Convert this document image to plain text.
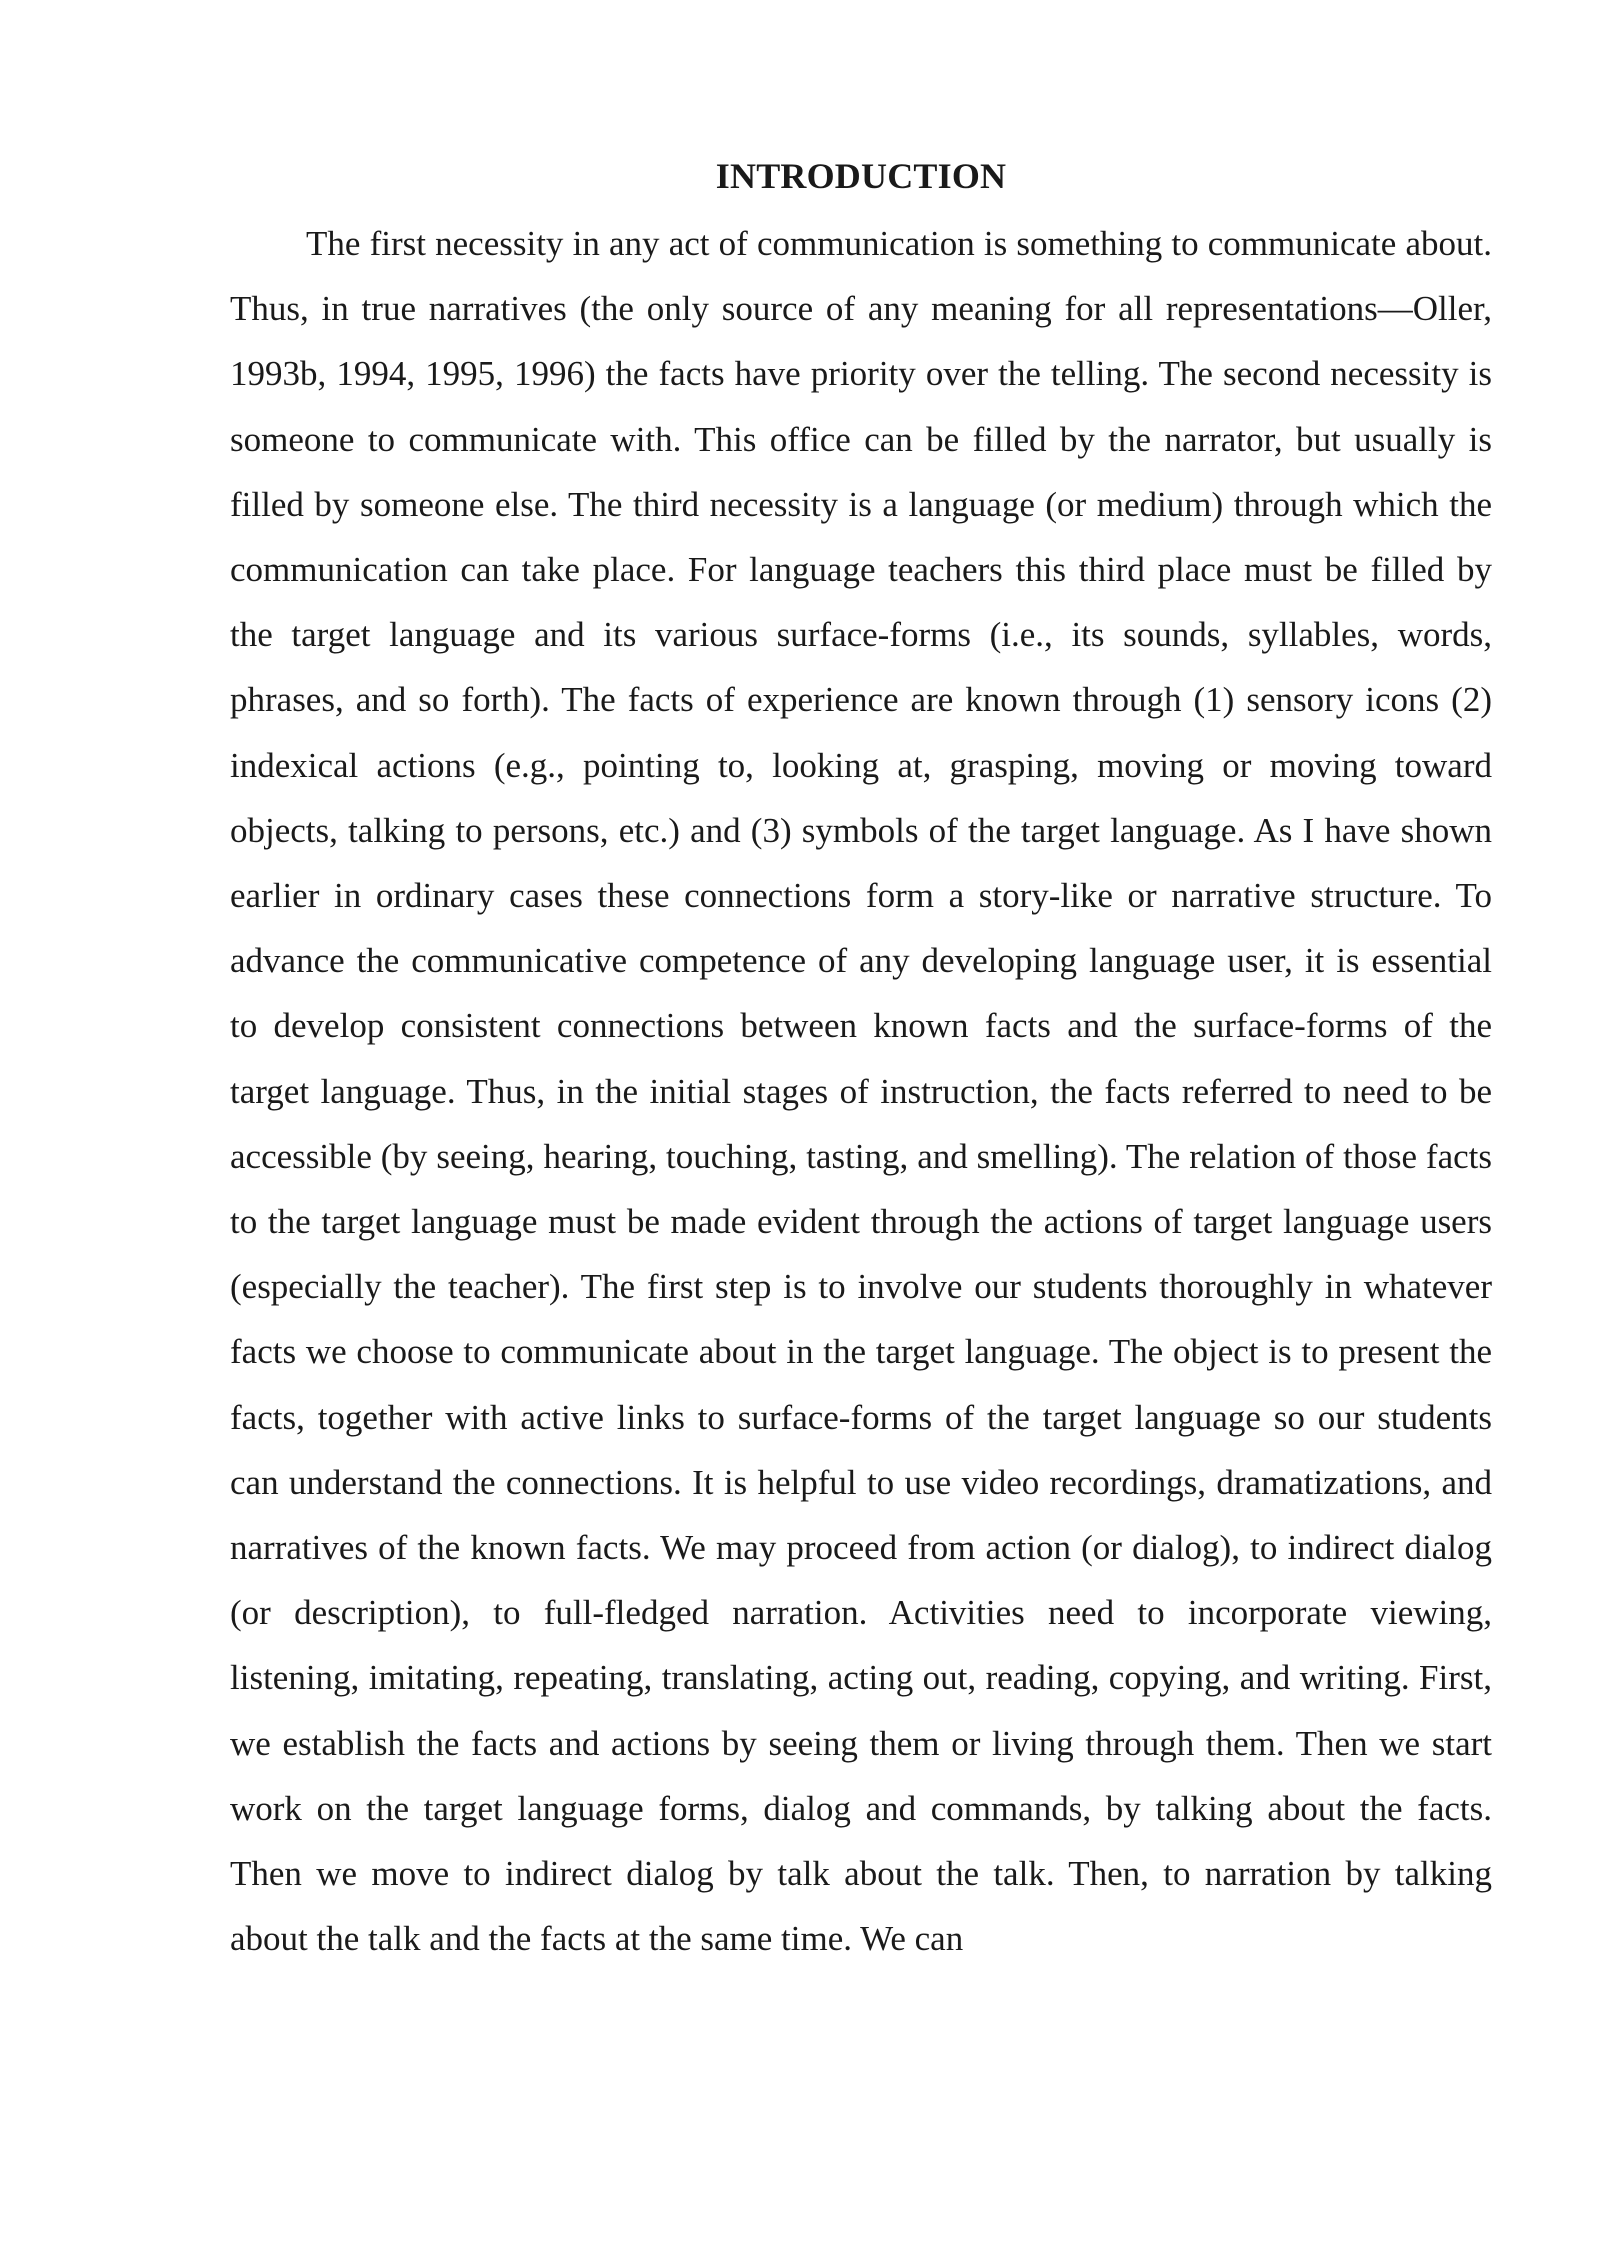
INTRODUCTION

The first necessity in any act of communication is something to communicate about. Thus, in true narratives (the only source of any meaning for all representations—Oller, 1993b, 1994, 1995, 1996) the facts have priority over the telling. The second necessity is someone to communicate with. This office can be filled by the narrator, but usually is filled by someone else. The third necessity is a language (or medium) through which the communication can take place. For language teachers this third place must be filled by the target language and its various surface-forms (i.e., its sounds, syllables, words, phrases, and so forth). The facts of experience are known through (1) sensory icons (2) indexical actions (e.g., pointing to, looking at, grasping, moving or moving toward objects, talking to persons, etc.) and (3) symbols of the target language. As I have shown earlier in ordinary cases these connections form a story-like or narrative structure. To advance the communicative competence of any developing language user, it is essential to develop consistent connections between known facts and the surface-forms of the target language. Thus, in the initial stages of instruction, the facts referred to need to be accessible (by seeing, hearing, touching, tasting, and smelling). The relation of those facts to the target language must be made evident through the actions of target language users (especially the teacher). The first step is to involve our students thoroughly in whatever facts we choose to communicate about in the target language. The object is to present the facts, together with active links to surface-forms of the target language so our students can understand the connections. It is helpful to use video recordings, dramatizations, and narratives of the known facts. We may proceed from action (or dialog), to indirect dialog (or description), to full-fledged narration. Activities need to incorporate viewing, listening, imitating, repeating, translating, acting out, reading, copying, and writing. First, we establish the facts and actions by seeing them or living through them. Then we start work on the target language forms, dialog and commands, by talking about the facts. Then we move to indirect dialog by talk about the talk. Then, to narration by talking about the talk and the facts at the same time. We can
